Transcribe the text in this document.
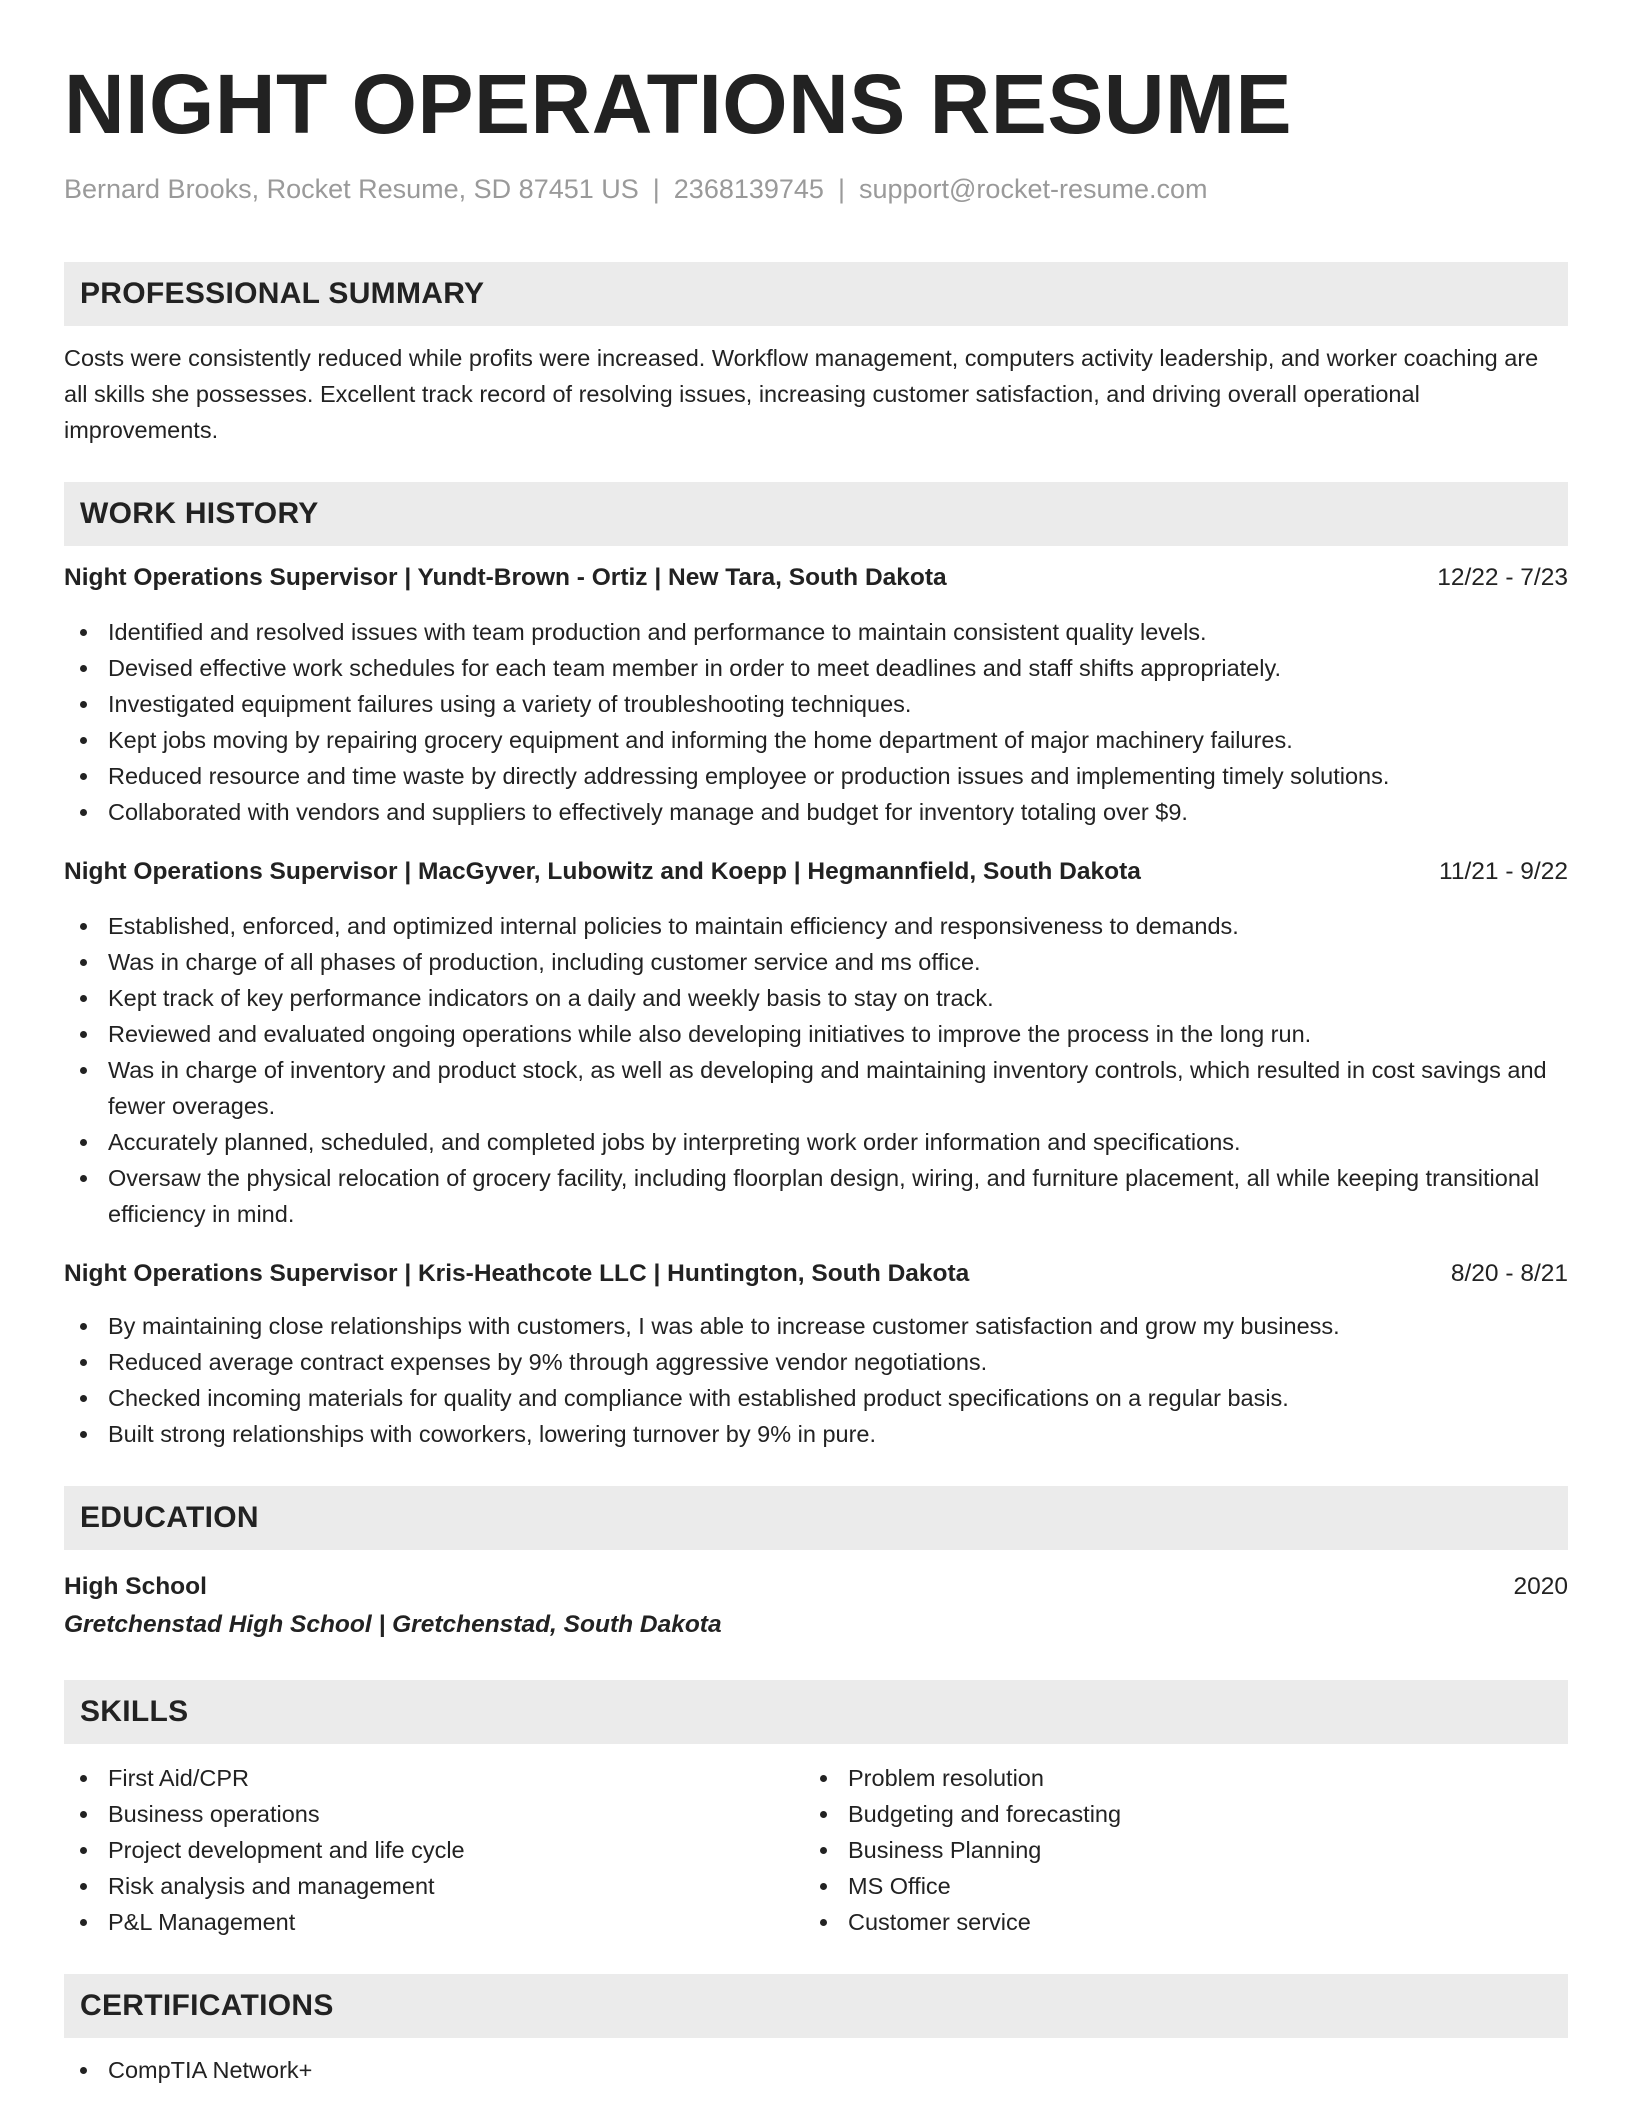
NIGHT OPERATIONS RESUME
Bernard Brooks, Rocket Resume, SD 87451 US | 2368139745 | support@rocket-resume.com
PROFESSIONAL SUMMARY

Costs were consistently reduced while profits were increased. Workflow management, computers activity leadership, and worker coaching are all skills she possesses. Excellent track record of resolving issues, increasing customer satisfaction, and driving overall operational improvements.

WORK HISTORY
Night Operations Supervisor | Yundt-Brown - Ortiz | New Tara, South Dakota	12/22 - 7/23
Identified and resolved issues with team production and performance to maintain consistent quality levels.
Devised effective work schedules for each team member in order to meet deadlines and staff shifts appropriately.
Investigated equipment failures using a variety of troubleshooting techniques.
Kept jobs moving by repairing grocery equipment and informing the home department of major machinery failures.
Reduced resource and time waste by directly addressing employee or production issues and implementing timely solutions.
Collaborated with vendors and suppliers to effectively manage and budget for inventory totaling over $9.
Night Operations Supervisor | MacGyver, Lubowitz and Koepp | Hegmannfield, South Dakota	11/21 - 9/22
Established, enforced, and optimized internal policies to maintain efficiency and responsiveness to demands.
Was in charge of all phases of production, including customer service and ms office.
Kept track of key performance indicators on a daily and weekly basis to stay on track.
Reviewed and evaluated ongoing operations while also developing initiatives to improve the process in the long run.
Was in charge of inventory and product stock, as well as developing and maintaining inventory controls, which resulted in cost savings and fewer overages.
Accurately planned, scheduled, and completed jobs by interpreting work order information and specifications.
Oversaw the physical relocation of grocery facility, including floorplan design, wiring, and furniture placement, all while keeping transitional efficiency in mind.
Night Operations Supervisor | Kris-Heathcote LLC | Huntington, South Dakota	8/20 - 8/21
By maintaining close relationships with customers, I was able to increase customer satisfaction and grow my business.
Reduced average contract expenses by 9% through aggressive vendor negotiations.
Checked incoming materials for quality and compliance with established product specifications on a regular basis.
Built strong relationships with coworkers, lowering turnover by 9% in pure.
EDUCATION
High School	2020
Gretchenstad High School | Gretchenstad, South Dakota
SKILLS
First Aid/CPR
Business operations
Project development and life cycle
Risk analysis and management
P&L Management
Problem resolution
Budgeting and forecasting
Business Planning
MS Office
Customer service
CERTIFICATIONS
CompTIA Network+
